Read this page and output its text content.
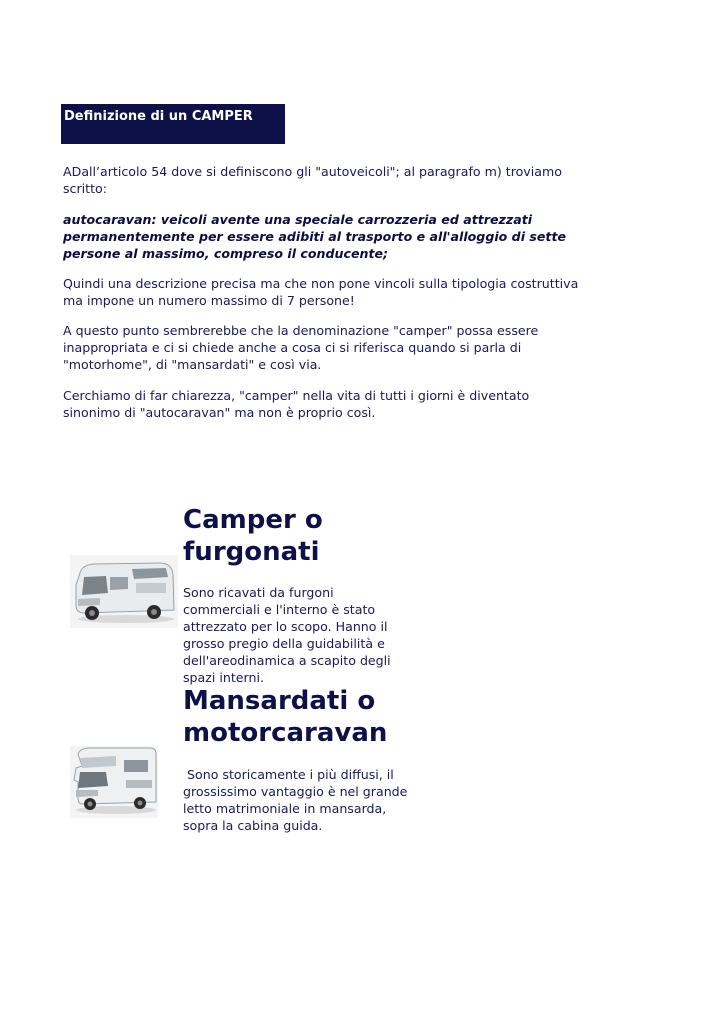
Definizione di un CAMPER

ADall’articolo 54 dove si definiscono gli "autoveicoli"; al paragrafo m) troviamo scritto:

autocaravan: veicoli avente una speciale carrozzeria ed attrezzati permanentemente per essere adibiti al trasporto e all'alloggio di sette persone al massimo, compreso il conducente;

Quindi una descrizione precisa ma che non pone vincoli sulla tipologia costruttiva ma impone un numero massimo di 7 persone!

A questo punto sembrerebbe che la denominazione "camper" possa essere inappropriata e ci si chiede anche a cosa ci si riferisca quando si parla di "motorhome", di "mansardati" e così via.

Cerchiamo di far chiarezza, "camper" nella vita di tutti i giorni è diventato sinonimo di "autocaravan" ma non è proprio così.

Camper o furgonati

Sono ricavati da furgoni commerciali e l'interno è stato attrezzato per lo scopo. Hanno il grosso pregio della guidabilità e dell'areodinamica a scapito degli spazi interni.

Mansardati o motorcaravan

Sono storicamente i più diffusi, il grossissimo vantaggio è nel grande letto matrimoniale in mansarda, sopra la cabina guida.
